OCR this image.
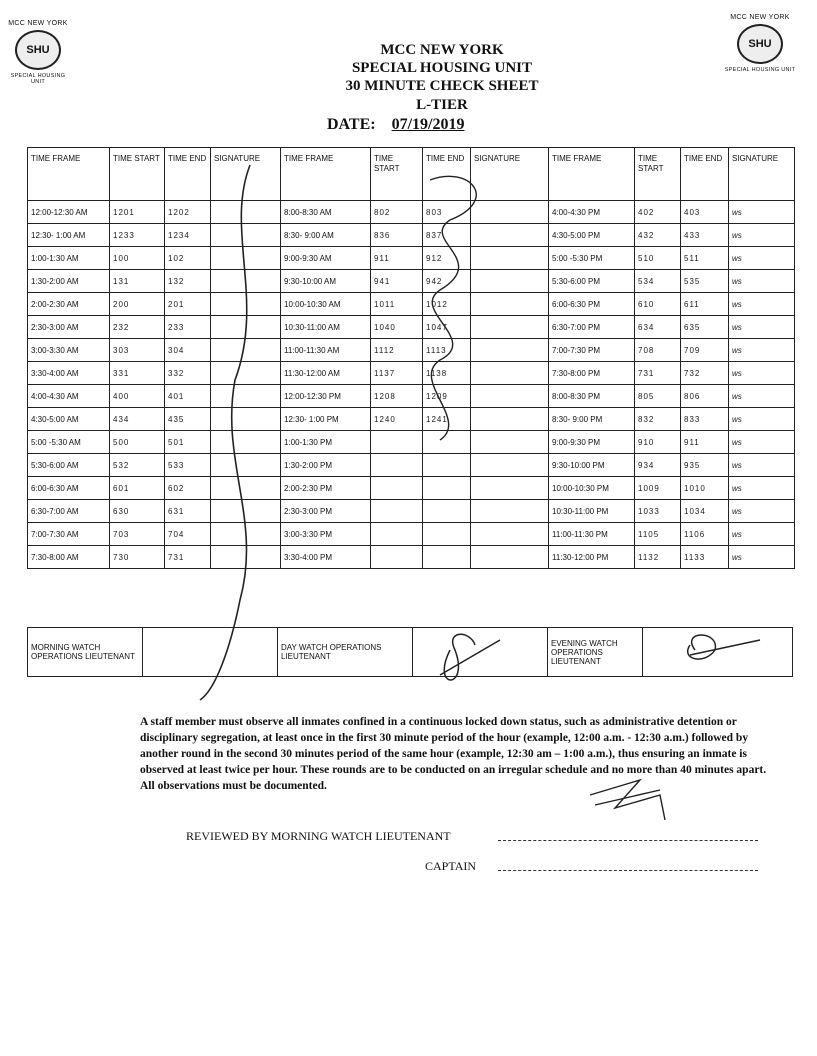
MCC NEW YORK
SHU
SPECIAL HOUSING UNIT
MCC NEW YORK
SHU
SPECIAL HOUSING UNIT
MCC NEW YORK
SPECIAL HOUSING UNIT
30 MINUTE CHECK SHEET
L-TIER
DATE: 07/19/2019
TIME FRAME	TIME START	TIME END	SIGNATURE	TIME FRAME	TIME START	TIME END	SIGNATURE	TIME FRAME	TIME START	TIME END	SIGNATURE
12:00-12:30 AM	1201	1202		8:00-8:30 AM	802	803		4:00-4:30 PM	402	403	ws
12:30- 1:00 AM	1233	1234		8:30- 9:00 AM	836	837		4:30-5:00 PM	432	433	ws
1:00-1:30 AM	100	102		9:00-9:30 AM	911	912		5:00 -5:30 PM	510	511	ws
1:30-2:00 AM	131	132		9:30-10:00 AM	941	942		5:30-6:00 PM	534	535	ws
2:00-2:30 AM	200	201		10:00-10:30 AM	1011	1012		6:00-6:30 PM	610	611	ws
2:30-3:00 AM	232	233		10:30-11:00 AM	1040	1047		6:30-7:00 PM	634	635	ws
3:00-3:30 AM	303	304		11:00-11:30 AM	1112	1113		7:00-7:30 PM	708	709	ws
3:30-4:00 AM	331	332		11:30-12:00 AM	1137	1138		7:30-8:00 PM	731	732	ws
4:00-4:30 AM	400	401		12:00-12:30 PM	1208	1209		8:00-8:30 PM	805	806	ws
4:30-5:00 AM	434	435		12:30- 1:00 PM	1240	1241		8:30- 9:00 PM	832	833	ws
5:00 -5:30 AM	500	501		1:00-1:30 PM				9:00-9:30 PM	910	911	ws
5:30-6:00 AM	532	533		1:30-2:00 PM				9:30-10:00 PM	934	935	ws
6:00-6:30 AM	601	602		2:00-2:30 PM				10:00-10:30 PM	1009	1010	ws
6:30-7:00 AM	630	631		2:30-3:00 PM				10:30-11:00 PM	1033	1034	ws
7:00-7:30 AM	703	704		3:00-3:30 PM				11:00-11:30 PM	1105	1106	ws
7:30-8:00 AM	730	731		3:30-4:00 PM				11:30-12:00 PM	1132	1133	ws
MORNING WATCH OPERATIONS LIEUTENANT		DAY WATCH OPERATIONS LIEUTENANT		EVENING WATCH OPERATIONS LIEUTENANT	
A staff member must observe all inmates confined in a continuous locked down status, such as administrative detention or disciplinary segregation, at least once in the first 30 minute period of the hour (example, 12:00 a.m. - 12:30 a.m.) followed by another round in the second 30 minutes period of the same hour (example, 12:30 am – 1:00 a.m.), thus ensuring an inmate is observed at least twice per hour. These rounds are to be conducted on an irregular schedule and no more than 40 minutes apart. All observations must be documented.
REVIEWED BY MORNING WATCH LIEUTENANT
CAPTAIN
